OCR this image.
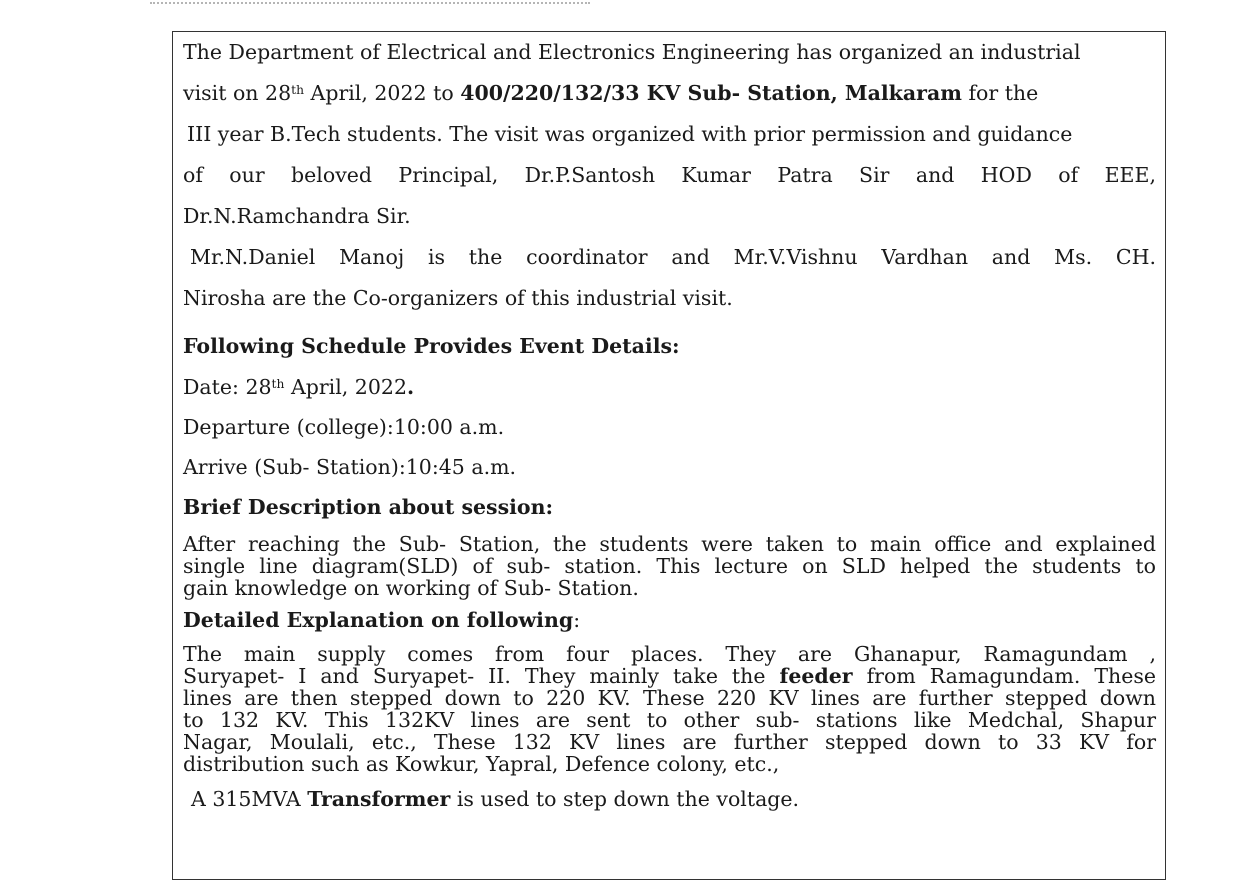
The Department of Electrical and Electronics Engineering has organized an industrial

visit on 28th April, 2022 to 400/220/132/33 KV Sub- Station, Malkaram for the

III year B.Tech students. The visit was organized with prior permission and guidance

of our beloved Principal, Dr.P.Santosh Kumar Patra Sir and HOD of EEE,

Dr.N.Ramchandra Sir.

Mr.N.Daniel Manoj is the coordinator and Mr.V.Vishnu Vardhan and Ms. CH.

Nirosha are the Co-organizers of this industrial visit.

Following Schedule Provides Event Details:

Date: 28th April, 2022.

Departure (college):10:00 a.m.

Arrive (Sub- Station):10:45 a.m.

Brief Description about session:

After reaching the Sub- Station, the students were taken to main office and explained

single line diagram(SLD) of sub- station. This lecture on SLD helped the students to

gain knowledge on working of Sub- Station.

Detailed Explanation on following:

The main supply comes from four places. They are Ghanapur, Ramagundam ,

Suryapet- I and Suryapet- II. They mainly take the feeder from Ramagundam. These

lines are then stepped down to 220 KV. These 220 KV lines are further stepped down

to 132 KV. This 132KV lines are sent to other sub- stations like Medchal, Shapur

Nagar, Moulali, etc., These 132 KV lines are further stepped down to 33 KV for

distribution such as Kowkur, Yapral, Defence colony, etc.,

A 315MVA Transformer is used to step down the voltage.
